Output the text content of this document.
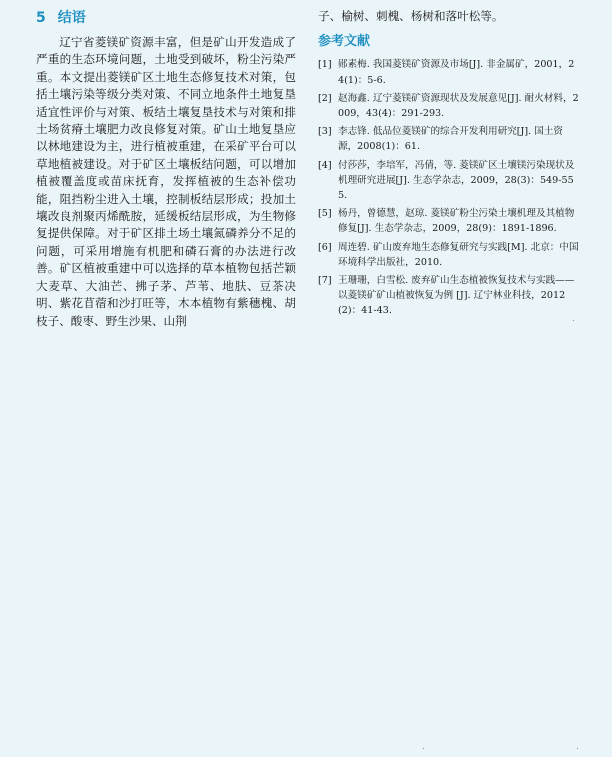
5 结语

辽宁省菱镁矿资源丰富，但是矿山开发造成了严重的生态环境问题，土地受到破坏，粉尘污染严重。本文提出菱镁矿区土地生态修复技术对策，包括土壤污染等级分类对策、不同立地条件土地复垦适宜性评价与对策、板结土壤复垦技术与对策和排土场贫瘠土壤肥力改良修复对策。矿山土地复垦应以林地建设为主，进行植被重建，在采矿平台可以草地植被建设。对于矿区土壤板结问题，可以增加植被覆盖度或苗床抚育，发挥植被的生态补偿功能，阻挡粉尘进入土壤，控制板结层形成；投加土壤改良剂聚丙烯酰胺，延缓板结层形成，为生物修复提供保障。对于矿区排土场土壤氮磷养分不足的问题，可采用增施有机肥和磷石膏的办法进行改善。矿区植被重建中可以选择的草本植物包括芒颖大麦草、大油芒、拂子茅、芦苇、地肤、豆茶决明、紫花苜蓿和沙打旺等，木本植物有紫穗槐、胡枝子、酸枣、野生沙果、山荆

子、榆树、刺槐、杨树和落叶松等。

参考文献
[1] 郧素梅. 我国菱镁矿资源及市场[J]. 非金属矿，2001，24(1)：5-6.
[2] 赵海鑫. 辽宁菱镁矿资源现状及发展意见[J]. 耐火材料，2009，43(4)：291-293.
[3] 李志锋. 低品位菱镁矿的综合开发利用研究[J]. 国土资源，2008(1)：61.
[4] 付莎莎，李培军，冯倩，等. 菱镁矿区土壤镁污染现状及机理研究进展[J]. 生态学杂志，2009，28(3)：549-555.
[5] 杨丹，曾德慧，赵琼. 菱镁矿粉尘污染土壤机理及其植物修复[J]. 生态学杂志，2009，28(9)：1891-1896.
[6] 周连碧. 矿山废弃地生态修复研究与实践[M]. 北京：中国环境科学出版社，2010.
[7] 王珊珊，白雪松. 废弃矿山生态植被恢复技术与实践——以菱镁矿矿山植被恢复为例 [J]. 辽宁林业科技，2012(2)：41-43.
.
.	.
